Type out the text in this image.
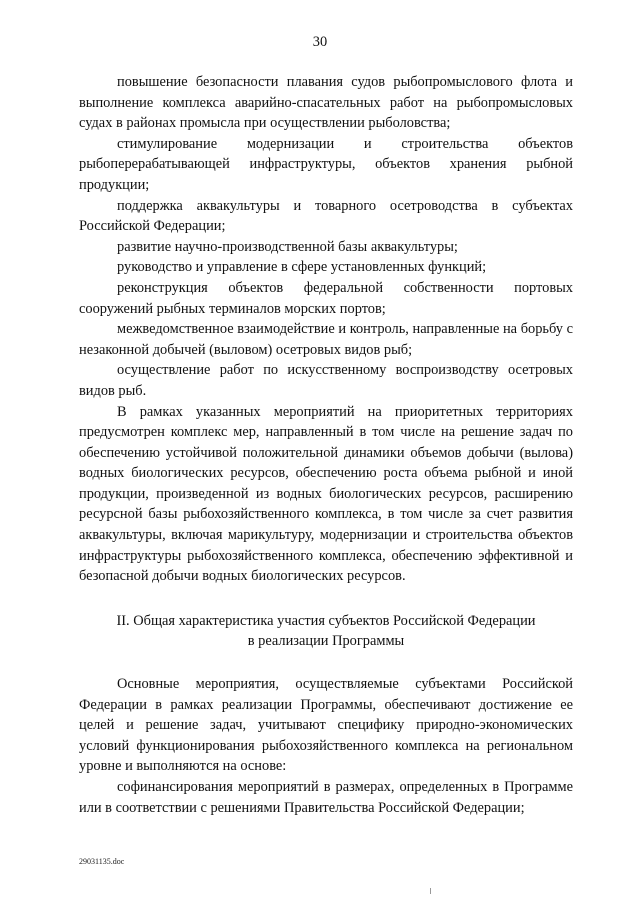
30

повышение безопасности плавания судов рыбопромыслового флота и выполнение комплекса аварийно-спасательных работ на рыбопромысловых судах в районах промысла при осуществлении рыболовства;

стимулирование модернизации и строительства объектов рыбоперерабатывающей инфраструктуры, объектов хранения рыбной продукции;

поддержка аквакультуры и товарного осетроводства в субъектах Российской Федерации;

развитие научно-производственной базы аквакультуры;

руководство и управление в сфере установленных функций;

реконструкция объектов федеральной собственности портовых сооружений рыбных терминалов морских портов;

межведомственное взаимодействие и контроль, направленные на борьбу с незаконной добычей (выловом) осетровых видов рыб;

осуществление работ по искусственному воспроизводству осетровых видов рыб.

В рамках указанных мероприятий на приоритетных территориях предусмотрен комплекс мер, направленный в том числе на решение задач по обеспечению устойчивой положительной динамики объемов добычи (вылова) водных биологических ресурсов, обеспечению роста объема рыбной и иной продукции, произведенной из водных биологических ресурсов, расширению ресурсной базы рыбохозяйственного комплекса, в том числе за счет развития аквакультуры, включая марикультуру, модернизации и строительства объектов инфраструктуры рыбохозяйственного комплекса, обеспечению эффективной и безопасной добычи водных биологических ресурсов.

II. Общая характеристика участия субъектов Российской Федерации
в реализации Программы

Основные мероприятия, осуществляемые субъектами Российской Федерации в рамках реализации Программы, обеспечивают достижение ее целей и решение задач, учитывают специфику природно-экономических условий функционирования рыбохозяйственного комплекса на региональном уровне и выполняются на основе:

софинансирования мероприятий в размерах, определенных в Программе или в соответствии с решениями Правительства Российской Федерации;

29031135.doc
